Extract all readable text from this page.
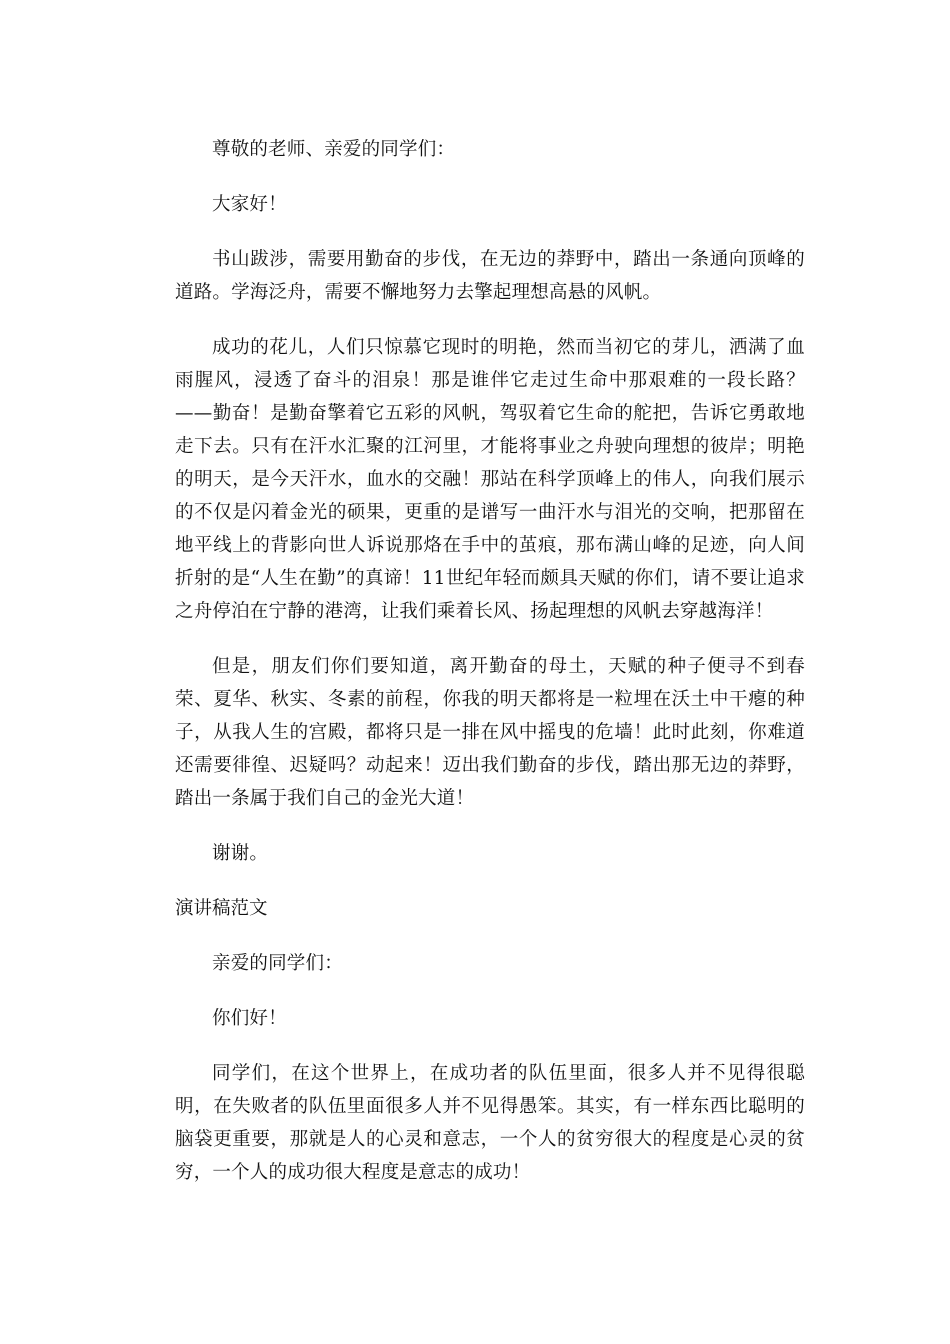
尊敬的老师、亲爱的同学们：

大家好！

书山跋涉，需要用勤奋的步伐，在无边的莽野中，踏出一条通向顶峰的道路。学海泛舟，需要不懈地努力去擎起理想高悬的风帆。

成功的花儿，人们只惊慕它现时的明艳，然而当初它的芽儿，洒满了血雨腥风，浸透了奋斗的泪泉！那是谁伴它走过生命中那艰难的一段长路？——勤奋！是勤奋擎着它五彩的风帆，驾驭着它生命的舵把，告诉它勇敢地走下去。只有在汗水汇聚的江河里，才能将事业之舟驶向理想的彼岸；明艳的明天，是今天汗水，血水的交融！那站在科学顶峰上的伟人，向我们展示的不仅是闪着金光的硕果，更重的是谱写一曲汗水与泪光的交响，把那留在地平线上的背影向世人诉说那烙在手中的茧痕，那布满山峰的足迹，向人间折射的是“人生在勤”的真谛！11世纪年轻而颇具天赋的你们，请不要让追求之舟停泊在宁静的港湾，让我们乘着长风、扬起理想的风帆去穿越海洋！

但是，朋友们你们要知道，离开勤奋的母土，天赋的种子便寻不到春荣、夏华、秋实、冬素的前程，你我的明天都将是一粒埋在沃土中干瘪的种子，从我人生的宫殿，都将只是一排在风中摇曳的危墙！此时此刻，你难道还需要徘徨、迟疑吗？动起来！迈出我们勤奋的步伐，踏出那无边的莽野，踏出一条属于我们自己的金光大道！

谢谢。

演讲稿范文

亲爱的同学们：

你们好！

同学们，在这个世界上，在成功者的队伍里面，很多人并不见得很聪明，在失败者的队伍里面很多人并不见得愚笨。其实，有一样东西比聪明的脑袋更重要，那就是人的心灵和意志，一个人的贫穷很大的程度是心灵的贫穷，一个人的成功很大程度是意志的成功！
